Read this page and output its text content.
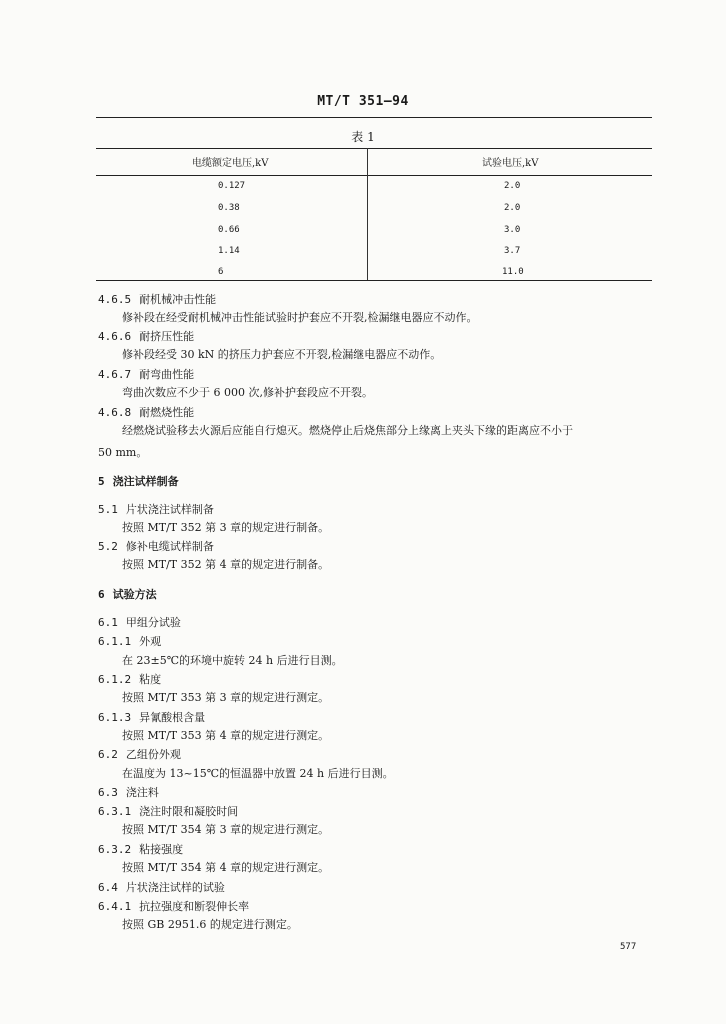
MT/T 351—94
表 1
电缆额定电压,kV	试验电压,kV
0.127	2.0
0.38	2.0
0.66	3.0
1.14	3.7
6	11.0
4.6.5 耐机械冲击性能
修补段在经受耐机械冲击性能试验时护套应不开裂,检漏继电器应不动作。
4.6.6 耐挤压性能
修补段经受 30 kN 的挤压力护套应不开裂,检漏继电器应不动作。
4.6.7 耐弯曲性能
弯曲次数应不少于 6 000 次,修补护套段应不开裂。
4.6.8 耐燃烧性能
经燃烧试验移去火源后应能自行熄灭。燃烧停止后烧焦部分上缘离上夹头下缘的距离应不小于
50 mm。
5 浇注试样制备
5.1 片状浇注试样制备
按照 MT/T 352 第 3 章的规定进行制备。
5.2 修补电缆试样制备
按照 MT/T 352 第 4 章的规定进行制备。
6 试验方法
6.1 甲组分试验
6.1.1 外观
在 23±5℃的环境中旋转 24 h 后进行目测。
6.1.2 粘度
按照 MT/T 353 第 3 章的规定进行测定。
6.1.3 异氰酸根含量
按照 MT/T 353 第 4 章的规定进行测定。
6.2 乙组份外观
在温度为 13~15℃的恒温器中放置 24 h 后进行目测。
6.3 浇注料
6.3.1 浇注时限和凝胶时间
按照 MT/T 354 第 3 章的规定进行测定。
6.3.2 粘接强度
按照 MT/T 354 第 4 章的规定进行测定。
6.4 片状浇注试样的试验
6.4.1 抗拉强度和断裂伸长率
按照 GB 2951.6 的规定进行测定。
577
